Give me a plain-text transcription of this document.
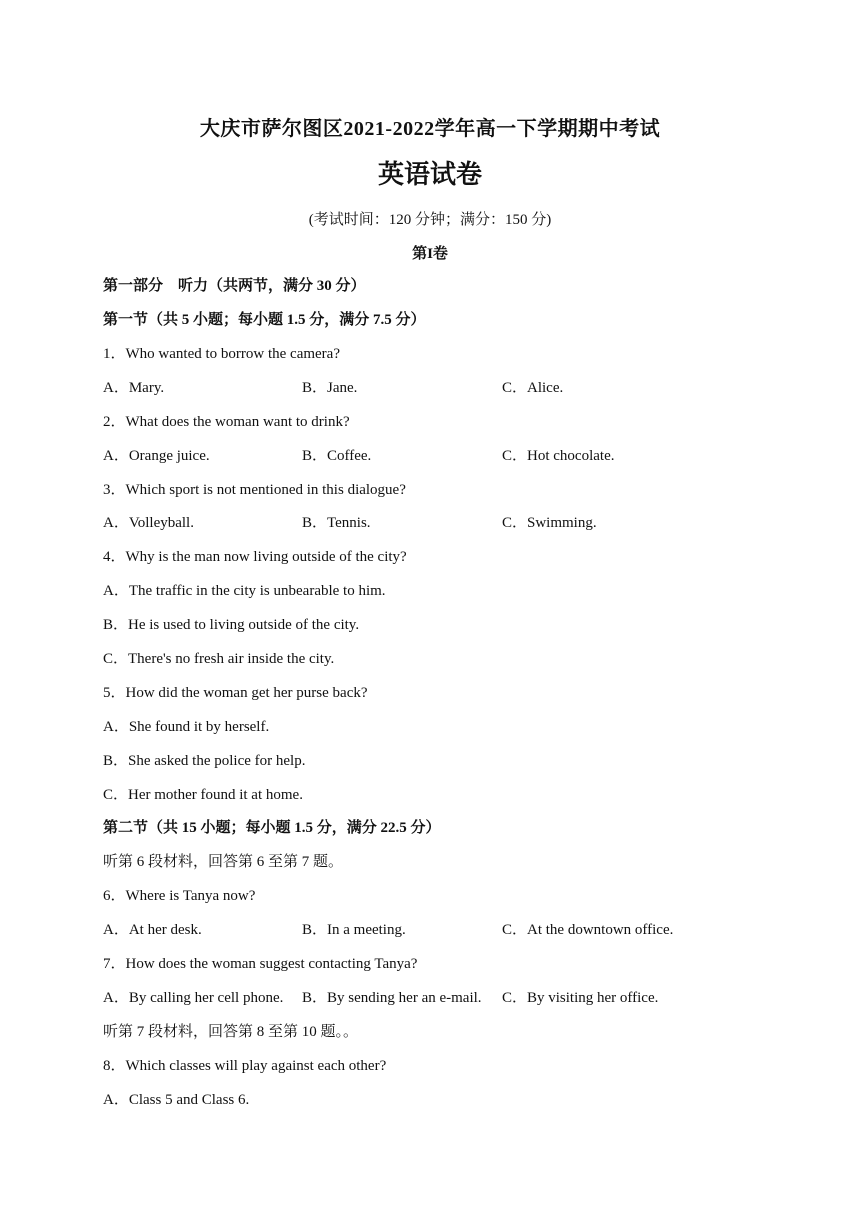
大庆市萨尔图区2021-2022学年高一下学期期中考试
英语试卷
(考试时间：120 分钟；满分：150 分)
第I卷
第一部分　听力（共两节，满分 30 分）
第一节（共 5 小题；每小题 1.5 分，满分 7.5 分）
1．Who wanted to borrow the camera?
A．Mary.	B．Jane.	C．Alice.
2．What does the woman want to drink?
A．Orange juice.	B．Coffee.	C．Hot chocolate.
3．Which sport is not mentioned in this dialogue?
A．Volleyball.	B．Tennis.	C．Swimming.
4．Why is the man now living outside of the city?
A．The traffic in the city is unbearable to him.
B．He is used to living outside of the city.
C．There's no fresh air inside the city.
5．How did the woman get her purse back?
A．She found it by herself.
B．She asked the police for help.
C．Her mother found it at home.
第二节（共 15 小题；每小题 1.5 分，满分 22.5 分）
听第 6 段材料，回答第 6 至第 7 题。
6．Where is Tanya now?
A．At her desk.	B．In a meeting.	C．At the downtown office.
7．How does the woman suggest contacting Tanya?
A．By calling her cell phone. B．By sending her an e-mail. C．By visiting her office.
听第 7 段材料，回答第 8 至第 10 题。。
8．Which classes will play against each other?
A．Class 5 and Class 6.
